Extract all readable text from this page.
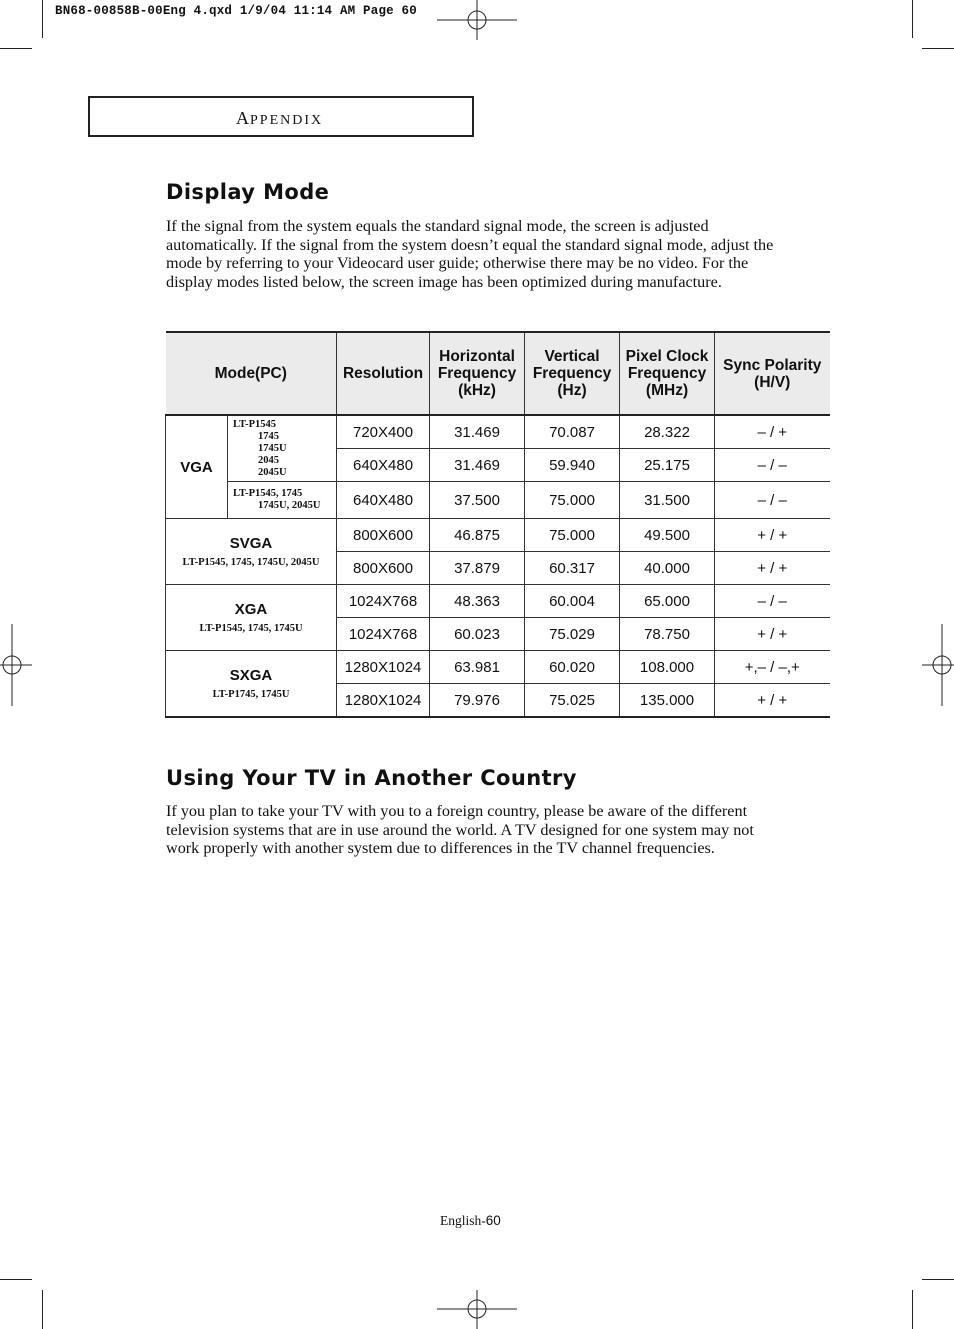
BN68-00858B-00Eng 4.qxd 1/9/04 11:14 AM Page 60
APPENDIX
Display Mode

If the signal from the system equals the standard signal mode, the screen is adjusted automatically. If the signal from the system doesn’t equal the standard signal mode, adjust the mode by referring to your Videocard user guide; otherwise there may be no video. For the display modes listed below, the screen image has been optimized during manufacture.

Mode(PC)		Resolution	Horizontal Frequency (kHz)	Vertical Frequency (Hz)	Pixel Clock Frequency (MHz)	Sync Polarity (H/V)
VGA	LT-P1545
1745
1745U
2045
2045U	720X400	31.469	70.087	28.322	– / +
		640X480	31.469	59.940	25.175	– / –

	LT-P1545, 1745
1745U, 2045U	640X480	37.500	75.000	31.500	– / –

SVGA
LT-P1545, 1745, 1745U, 2045U		800X600	46.875	75.000	49.500	+ / +
		800X600	37.879	60.317	40.000	+ / +

XGA
LT-P1545, 1745, 1745U		1024X768	48.363	60.004	65.000	– / –
		1024X768	60.023	75.029	78.750	+ / +

SXGA
LT-P1745, 1745U		1280X1024	63.981	60.020	108.000	+,– / –,+
		1280X1024	79.976	75.025	135.000	+ / +
Using Your TV in Another Country

If you plan to take your TV with you to a foreign country, please be aware of the different television systems that are in use around the world. A TV designed for one system may not work properly with another system due to differences in the TV channel frequencies.

English-60
